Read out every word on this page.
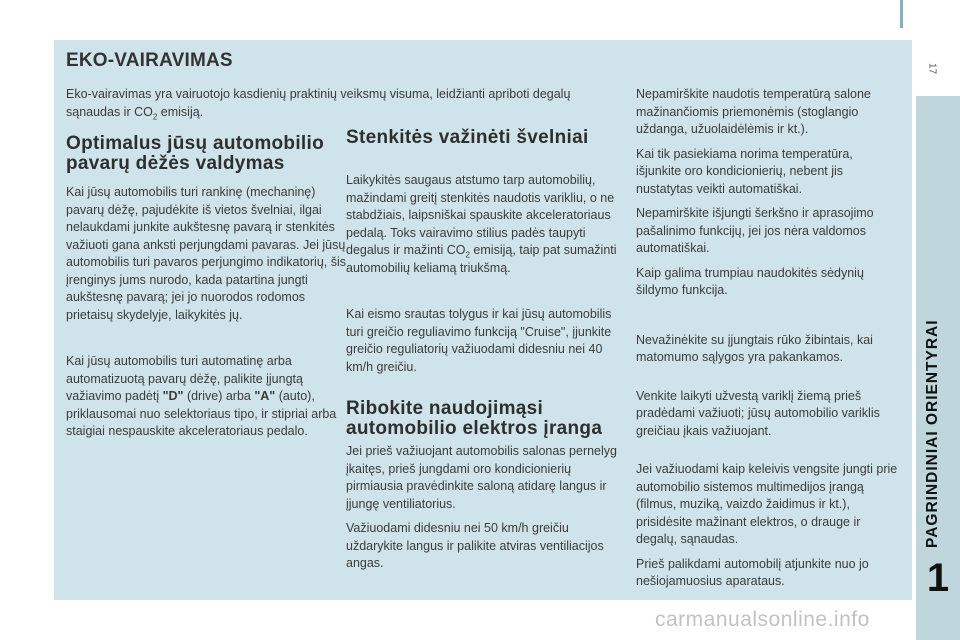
EKO-VAIRAVIMAS

Eko-vairavimas yra vairuotojo kasdienių praktinių veiksmų visuma, leidžianti apriboti degalų sąnaudas ir $CO_2$ emisiją.

Optimalus jūsų automobilio pavarų dėžės valdymas

Kai jūsų automobilis turi rankinę (mechaninę) pavarų dėžę, pajudėkite iš vietos švelniai, ilgai nelaukdami junkite aukštesnę pavarą ir stenkitės važiuoti gana anksti perjungdami pavaras. Jei jūsų automobilis turi pavaros perjungimo indikatorių, šis įrenginys jums nurodo, kada patartina jungti aukštesnę pavarą; jei jo nuorodos rodomos prietaisų skydelyje, laikykitės jų.

Kai jūsų automobilis turi automatinę arba automatizuotą pavarų dėžę, palikite įjungtą važiavimo padėtį "D" (drive) arba "A" (auto), priklausomai nuo selektoriaus tipo, ir stipriai arba staigiai nespauskite akceleratoriaus pedalo.

Stenkitės važinėti švelniai

Laikykitės saugaus atstumo tarp automobilių, mažindami greitį stenkitės naudotis varikliu, o ne stabdžiais, laipsniškai spauskite akceleratoriaus pedalą. Toks vairavimo stilius padės taupyti degalus ir mažinti $CO_2$ emisiją, taip pat sumažinti automobilių keliamą triukšmą.

Kai eismo srautas tolygus ir kai jūsų automobilis turi greičio reguliavimo funkciją "Cruise", įjunkite greičio reguliatorių važiuodami didesniu nei 40 km/h greičiu.

Ribokite naudojimąsi automobilio elektros įranga

Jei prieš važiuojant automobilis salonas pernelyg įkaitęs, prieš jungdami oro kondicionierių pirmiausia pravėdinkite saloną atidarę langus ir įjungę ventiliatorius.

Važiuodami didesniu nei 50 km/h greičiu uždarykite langus ir palikite atviras ventiliacijos angas.

Nepamirškite naudotis temperatūrą salone mažinančiomis priemonėmis (stoglangio uždanga, užuolaidėlėmis ir kt.).

Kai tik pasiekiama norima temperatūra, išjunkite oro kondicionierių, nebent jis nustatytas veikti automatiškai.

Nepamirškite išjungti šerkšno ir aprasojimo pašalinimo funkcijų, jei jos nėra valdomos automatiškai.

Kaip galima trumpiau naudokitės sėdynių šildymo funkcija.

Nevažinėkite su įjungtais rūko žibintais, kai matomumo sąlygos yra pakankamos.

Venkite laikyti užvestą variklį žiemą prieš pradėdami važiuoti; jūsų automobilio variklis greičiau įkais važiuojant.

Jei važiuodami kaip keleivis vengsite jungti prie automobilio sistemos multimedijos įrangą (filmus, muziką, vaizdo žaidimus ir kt.), prisidėsite mažinant elektros, o drauge ir degalų, sąnaudas.

Prieš palikdami automobilį atjunkite nuo jo nešiojamuosius aparataus.

17
PAGRINDINIAI ORIENTYRAI
1
carmanualsonline.info
